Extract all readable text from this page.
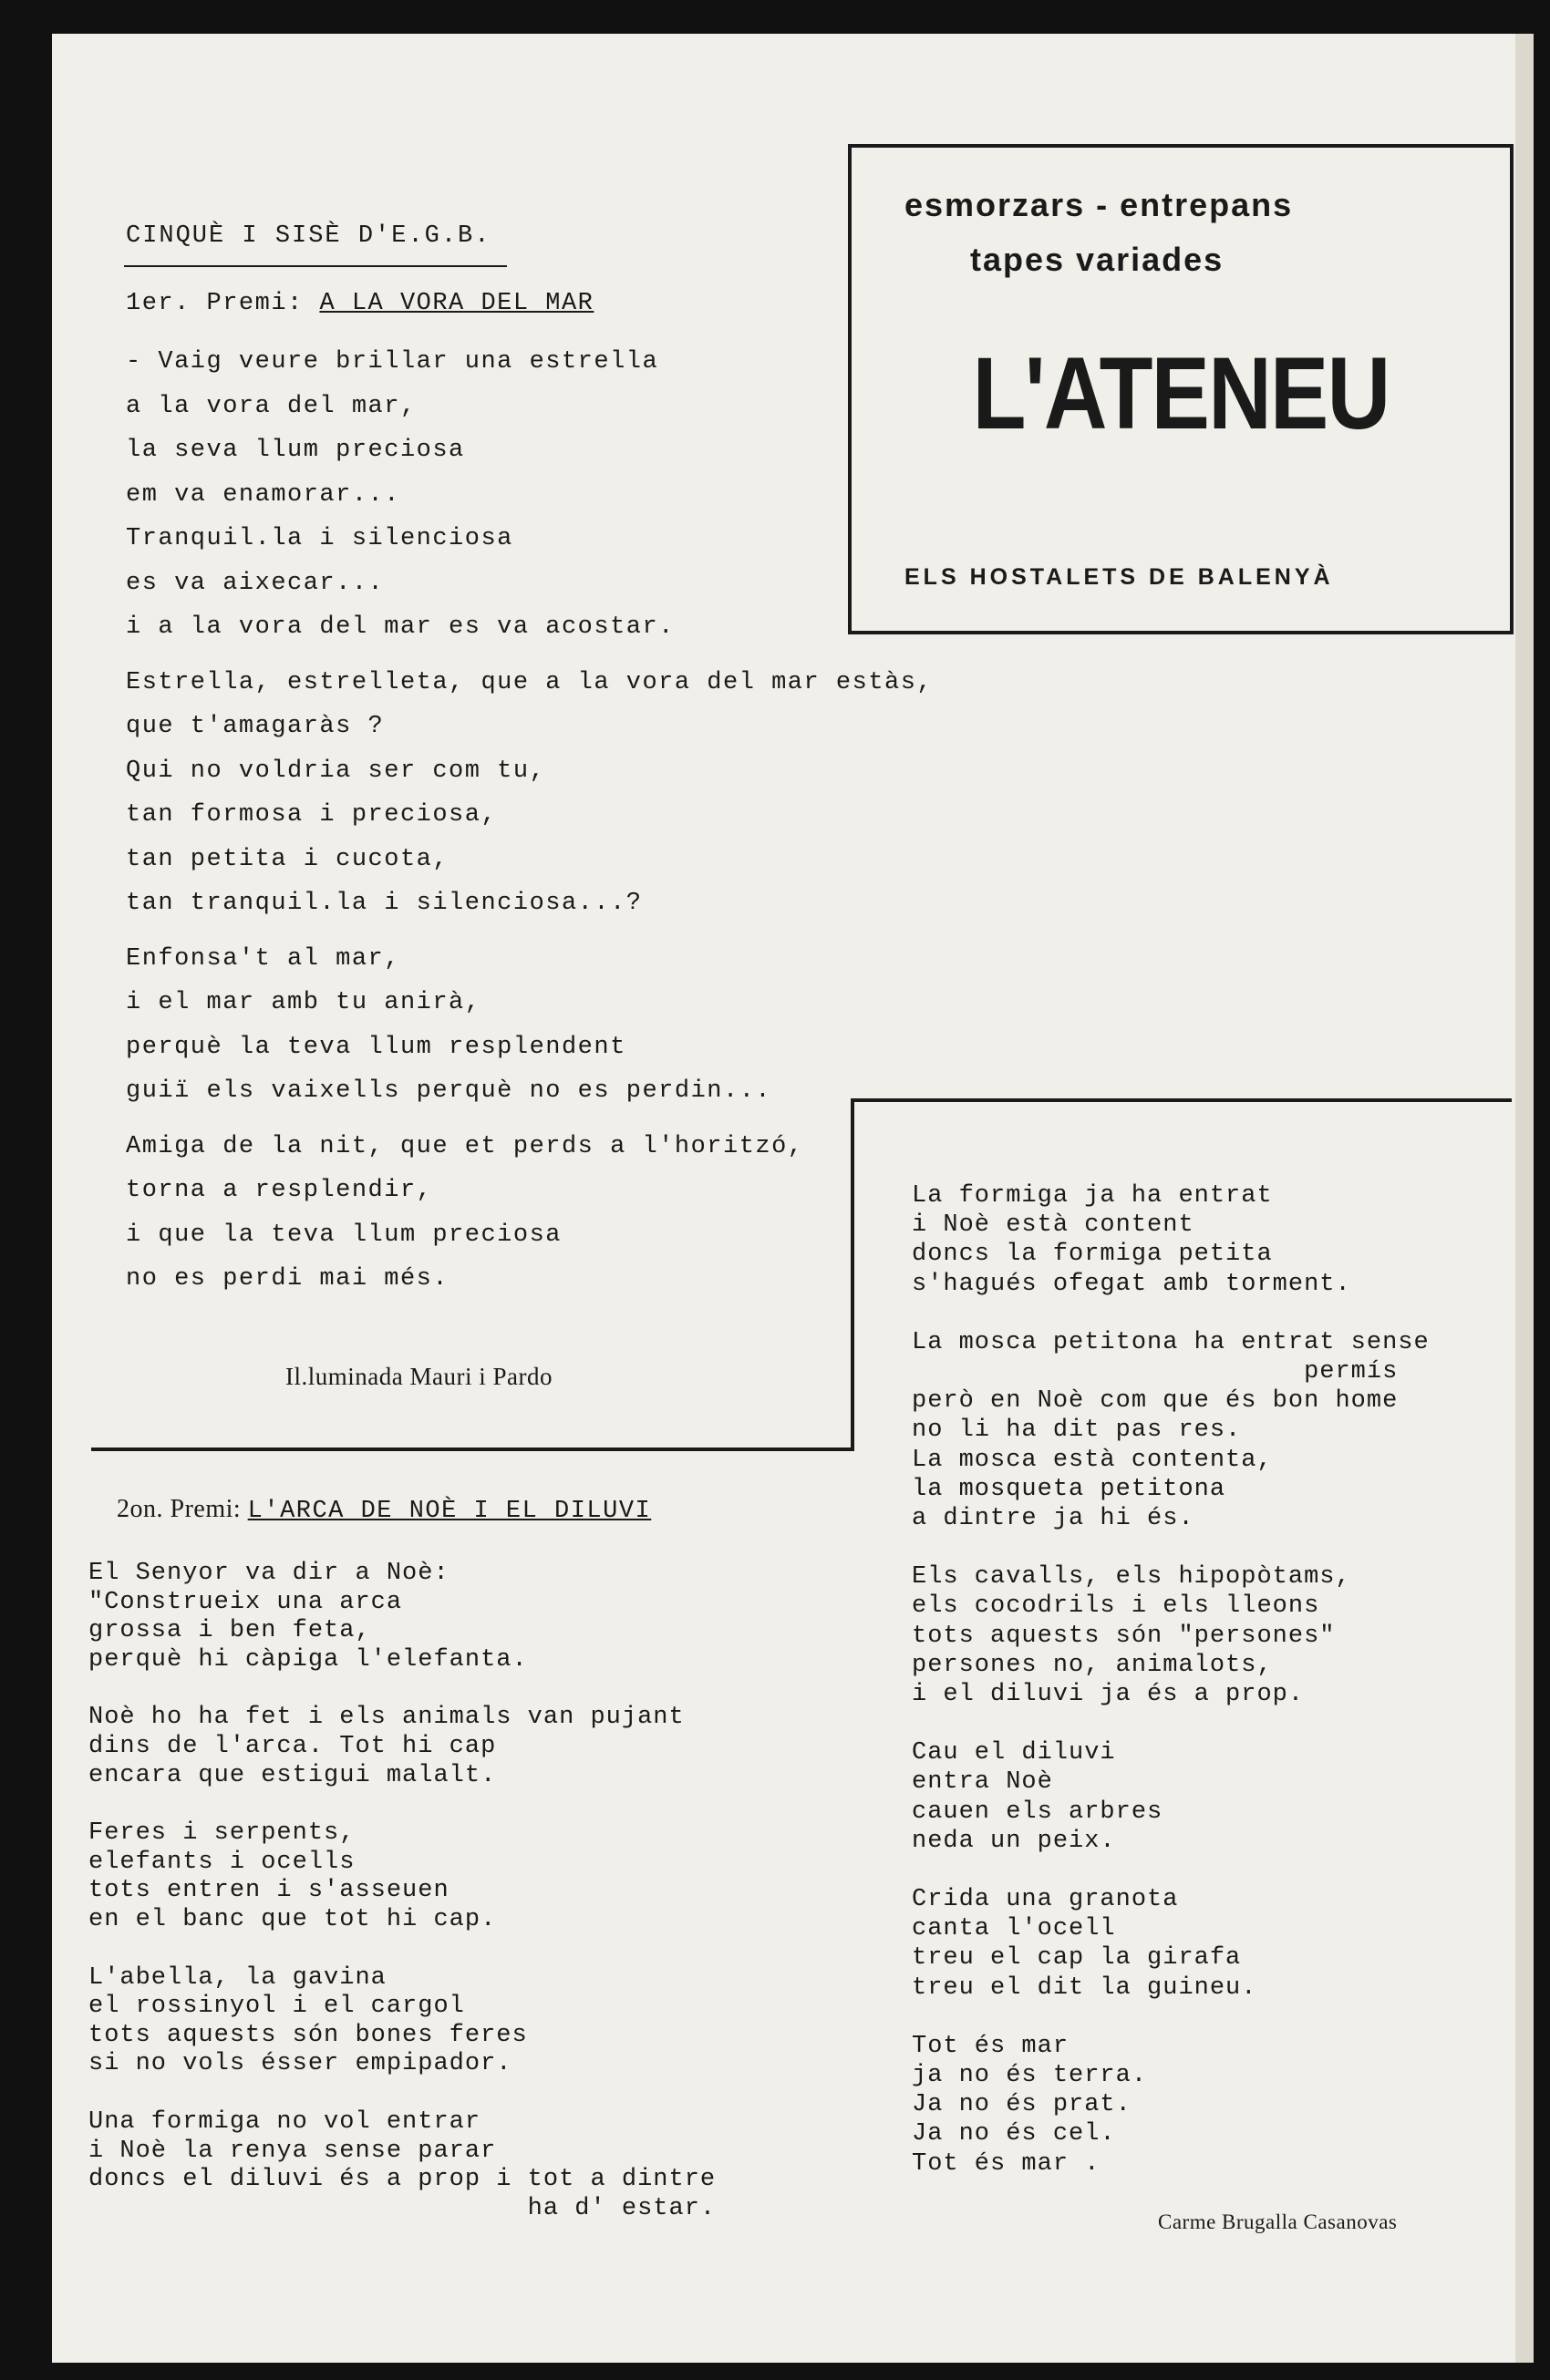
CINQUÈ I SISÈ D'E.G.B.
1er. Premi: A LA VORA DEL MAR
- Vaig veure brillar una estrella
a la vora del mar,
la seva llum preciosa
em va enamorar...
Tranquil.la i silenciosa
es va aixecar...
i a la vora del mar es va acostar.
Estrella, estrelleta, que a la vora del mar estàs,
que t'amagaràs ?
Qui no voldria ser com tu,
tan formosa i preciosa,
tan petita i cucota,
tan tranquil.la i silenciosa...?
Enfonsa't al mar,
i el mar amb tu anirà,
perquè la teva llum resplendent
guiï els vaixells perquè no es perdin...
Amiga de la nit, que et perds a l'horitzó,
torna a resplendir,
i que la teva llum preciosa
no es perdi mai més.
Il.luminada Mauri i Pardo
esmorzars - entrepans
tapes variades
L'ATENEU
ELS HOSTALETS DE BALENYÀ
2on. Premi: L'ARCA DE NOÈ I EL DILUVI
El Senyor va dir a Noè:
"Construeix una arca
grossa i ben feta,
perquè hi càpiga l'elefanta.
Noè ho ha fet i els animals van pujant
dins de l'arca. Tot hi cap
encara que estigui malalt.
Feres i serpents,
elefants i ocells
tots entren i s'asseuen
en el banc que tot hi cap.
L'abella, la gavina
el rossinyol i el cargol
tots aquests són bones feres
si no vols ésser empipador.
Una formiga no vol entrar
i Noè la renya sense parar
doncs el diluvi és a prop i tot a dintre
ha d' estar.
La formiga ja ha entrat
i Noè està content
doncs la formiga petita
s'hagués ofegat amb torment.
La mosca petitona ha entrat sense
permís
però en Noè com que és bon home
no li ha dit pas res.
La mosca està contenta,
la mosqueta petitona
a dintre ja hi és.
Els cavalls, els hipopòtams,
els cocodrils i els lleons
tots aquests són "persones"
persones no, animalots,
i el diluvi ja és a prop.
Cau el diluvi
entra Noè
cauen els arbres
neda un peix.
Crida una granota
canta l'ocell
treu el cap la girafa
treu el dit la guineu.
Tot és mar
ja no és terra.
Ja no és prat.
Ja no és cel.
Tot és mar .
Carme Brugalla Casanovas
